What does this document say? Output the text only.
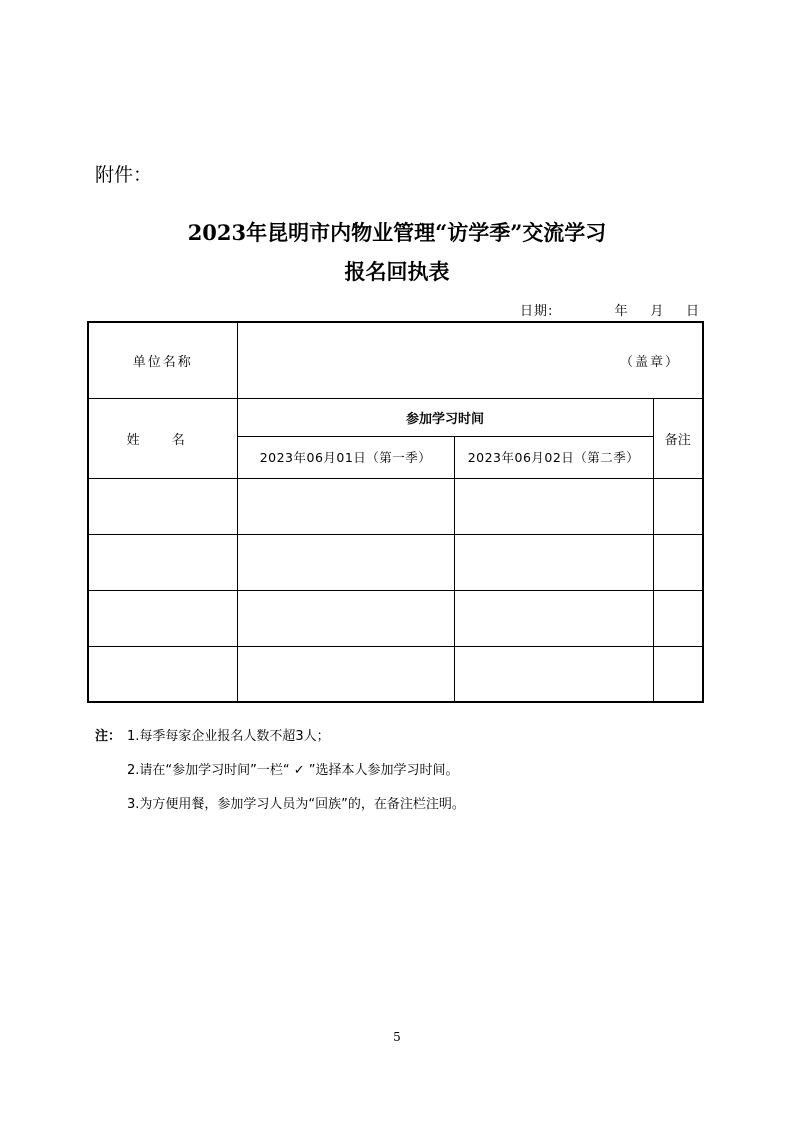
附件：
2023年昆明市内物业管理“访学季”交流学习
报名回执表
日期:	年 月 日
单位名称	（盖章）		
姓 名	参加学习时间		备注
	2023年06月01日（第一季）	2023年06月02日（第二季）	

注： 1.每季每家企业报名人数不超3人；
2.请在“参加学习时间”一栏“ ✓ ”选择本人参加学习时间。
3.为方便用餐，参加学习人员为“回族”的，在备注栏注明。
5
